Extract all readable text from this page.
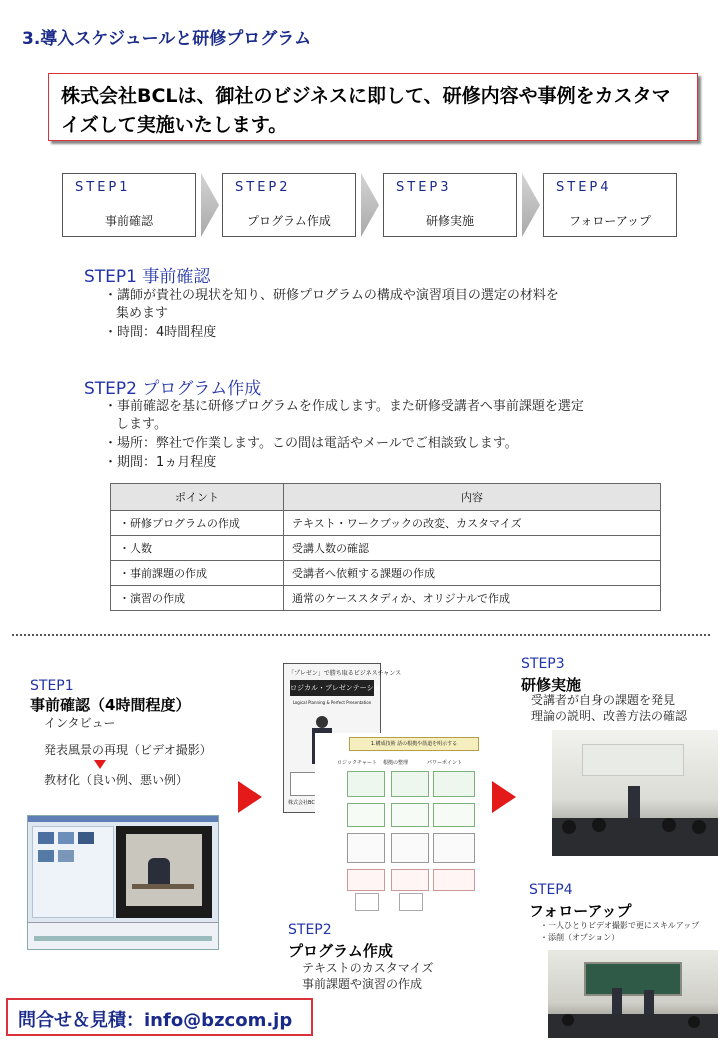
3.導入スケジュールと研修プログラム
株式会社BCLは、御社のビジネスに即して、研修内容や事例をカスタマイズして実施いたします。
STEP1
事前確認
STEP2
プログラム作成
STEP3
研修実施
STEP4
フォローアップ
STEP1 事前確認
・講師が貴社の現状を知り、研修プログラムの構成や演習項目の選定の材料を
集めます
・時間：4時間程度
STEP2 プログラム作成
・事前確認を基に研修プログラムを作成します。また研修受講者へ事前課題を選定
します。
・場所：弊社で作業します。この間は電話やメールでご相談致します。
・期間：1ヵ月程度
ポイント	内容
・研修プログラムの作成	テキスト・ワークブックの改変、カスタマイズ
・人数	受講人数の確認
・事前課題の作成	受講者へ依頼する課題の作成
・演習の作成	通常のケーススタディか、オリジナルで作成
STEP1
事前確認（4時間程度）
インタビュー
発表風景の再現（ビデオ撮影）
教材化（良い例、悪い例）
「プレゼン」で勝ち取るビジネスチャンス
ロジカル・プレゼンテーション
Logical Planning & Perfect Presentation
株式会社BC
1.構成技術 話の根拠や筋道を明示する
ロジックチャート 根拠の整理	パワーポイント
STEP2
プログラム作成
テキストのカスタマイズ
事前課題や演習の作成
STEP3
研修実施
受講者が自身の課題を発見
理論の説明、改善方法の確認
STEP4
フォローアップ
・一人ひとりビデオ撮影で更にスキルアップ
・添削（オプション）
問合せ＆見積：info@bzcom.jp
